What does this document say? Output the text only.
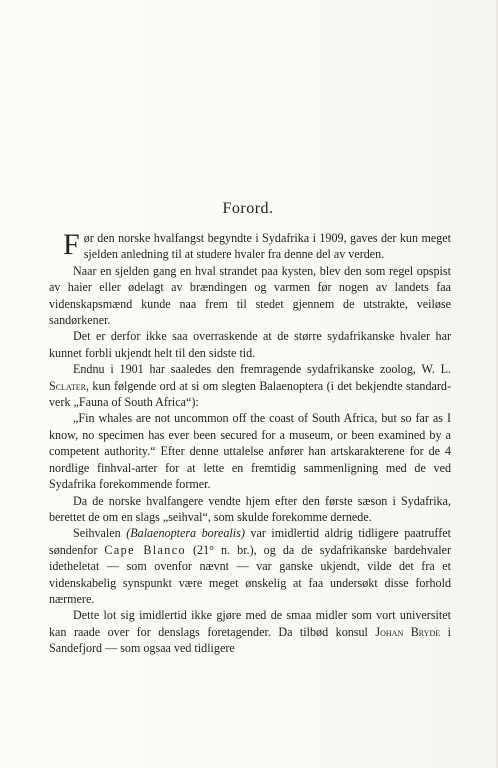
Forord.

Før den norske hvalfangst begyndte i Sydafrika i 1909, gaves der kun meget sjelden anledning til at studere hvaler fra denne del av verden.

Naar en sjelden gang en hval strandet paa kysten, blev den som regel opspist av haier eller ødelagt av brændingen og varmen før nogen av landets faa videnskapsmænd kunde naa frem til stedet gjennem de utstrakte, veiløse sandørkener.

Det er derfor ikke saa overraskende at de større sydafrikanske hvaler har kunnet forbli ukjendt helt til den sidste tid.

Endnu i 1901 har saaledes den fremragende sydafrikanske zoolog, W. L. Sclater, kun følgende ord at si om slegten Balaenoptera (i det bekjendte standard-verk „Fauna of South Africa“):

„Fin whales are not uncommon off the coast of South Africa, but so far as I know, no specimen has ever been secured for a museum, or been examined by a competent authority.“ Efter denne uttalelse anfører han artskarakterene for de 4 nordlige finhval-arter for at lette en fremtidig sammenligning med de ved Sydafrika forekommende former.

Da de norske hvalfangere vendte hjem efter den første sæson i Sydafrika, berettet de om en slags „seihval“, som skulde forekomme dernede.

Seihvalen (Balaenoptera borealis) var imidlertid aldrig tidligere paatruffet søndenfor Cape Blanco (21° n. br.), og da de sydafrikanske bardehvaler idetheletat — som ovenfor nævnt — var ganske ukjendt, vilde det fra et videnskabelig synspunkt være meget ønskelig at faa undersøkt disse forhold nærmere.

Dette lot sig imidlertid ikke gjøre med de smaa midler som vort universitet kan raade over for denslags foretagender. Da tilbød konsul Johan Bryde i Sandefjord — som ogsaa ved tidligere
